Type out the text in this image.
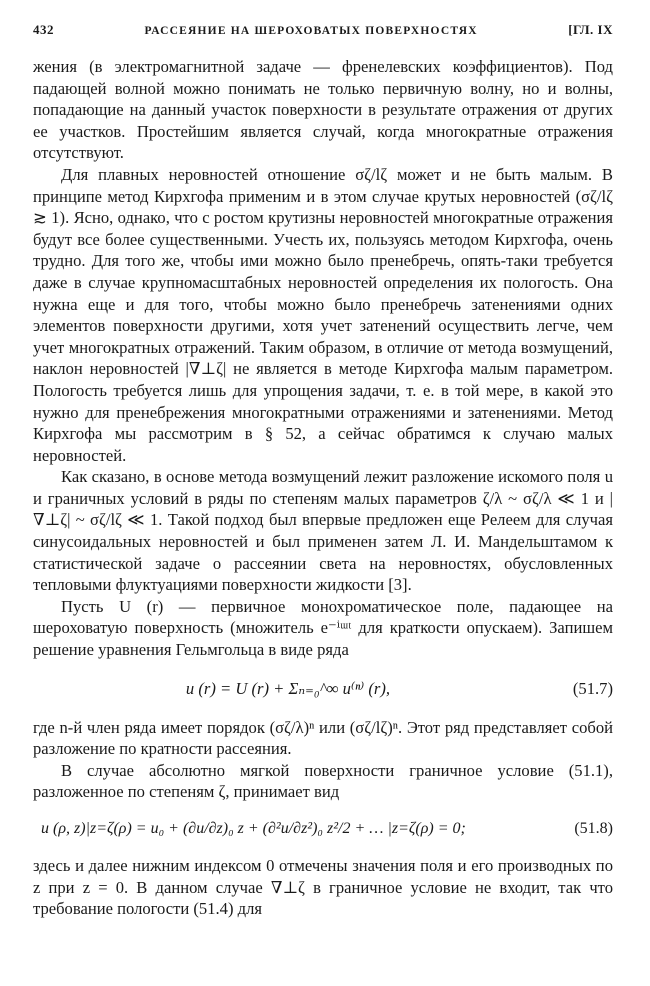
432	РАССЕЯНИЕ НА ШЕРОХОВАТЫХ ПОВЕРХНОСТЯХ	[ГЛ. IX

жения (в электромагнитной задаче — френелевских коэффициентов). Под падающей волной можно понимать не только первичную волну, но и волны, попадающие на данный участок поверхности в результате отражения от других ее участков. Простейшим является случай, когда многократные отражения отсутствуют.

Для плавных неровностей отношение σζ/lζ может и не быть малым. В принципе метод Кирхгофа применим и в этом случае крутых неровностей (σζ/lζ ≳ 1). Ясно, однако, что с ростом крутизны неровностей многократные отражения будут все более существенными. Учесть их, пользуясь методом Кирхгофа, очень трудно. Для того же, чтобы ими можно было пренебречь, опять-таки требуется даже в случае крупномасштабных неровностей определения их пологость. Она нужна еще и для того, чтобы можно было пренебречь затенениями одних элементов поверхности другими, хотя учет затенений осуществить легче, чем учет многократных отражений. Таким образом, в отличие от метода возмущений, наклон неровностей |∇⊥ζ| не является в методе Кирхгофа малым параметром. Пологость требуется лишь для упрощения задачи, т. е. в той мере, в какой это нужно для пренебрежения многократными отражениями и затенениями. Метод Кирхгофа мы рассмотрим в § 52, а сейчас обратимся к случаю малых неровностей.

Как сказано, в основе метода возмущений лежит разложение искомого поля u и граничных условий в ряды по степеням малых параметров ζ/λ ~ σζ/λ ≪ 1 и |∇⊥ζ| ~ σζ/lζ ≪ 1. Такой подход был впервые предложен еще Релеем для случая синусоидальных неровностей и был применен затем Л. И. Мандельштамом к статистической задаче о рассеянии света на неровностях, обусловленных тепловыми флуктуациями поверхности жидкости [3].

Пусть U (r) — первичное монохроматическое поле, падающее на шероховатую поверхность (множитель e⁻ⁱᵚᵗ для краткости опускаем). Запишем решение уравнения Гельмгольца в виде ряда

u (r) = U (r) + Σₙ₌₀^∞ u⁽ⁿ⁾ (r),	(51.7)

где n-й член ряда имеет порядок (σζ/λ)ⁿ или (σζ/lζ)ⁿ. Этот ряд представляет собой разложение по кратности рассеяния.

В случае абсолютно мягкой поверхности граничное условие (51.1), разложенное по степеням ζ, принимает вид

u (ρ, z)|z=ζ(ρ) = u₀ + (∂u/∂z)₀ z + (∂²u/∂z²)₀ z²/2 + … |z=ζ(ρ) = 0;	(51.8)

здесь и далее нижним индексом 0 отмечены значения поля и его производных по z при z = 0. В данном случае ∇⊥ζ в граничное условие не входит, так что требование пологости (51.4) для
